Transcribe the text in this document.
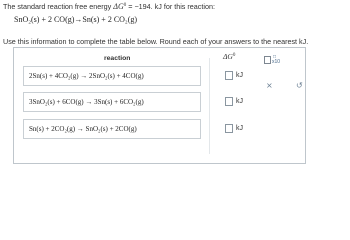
The standard reaction free energy $\Delta G^0 = -194$. kJ for this reaction:
SnO₂(s) + 2 CO(g)→Sn(s) + 2 CO₂(g)
Use this information to complete the table below. Round each of your answers to the nearest kJ.
reaction	$\Delta G^0$
2Sn(s) + 4CO₂(g) → 2SnO₂(s) + 4CO(g)	kJ
3SnO₂(s) + 6CO(g) → 3Sn(s) + 6CO₂(g)	kJ
Sn(s) + 2CO₂(g) → SnO₂(s) + 2CO(g)	kJ
□
x10
×	↺
